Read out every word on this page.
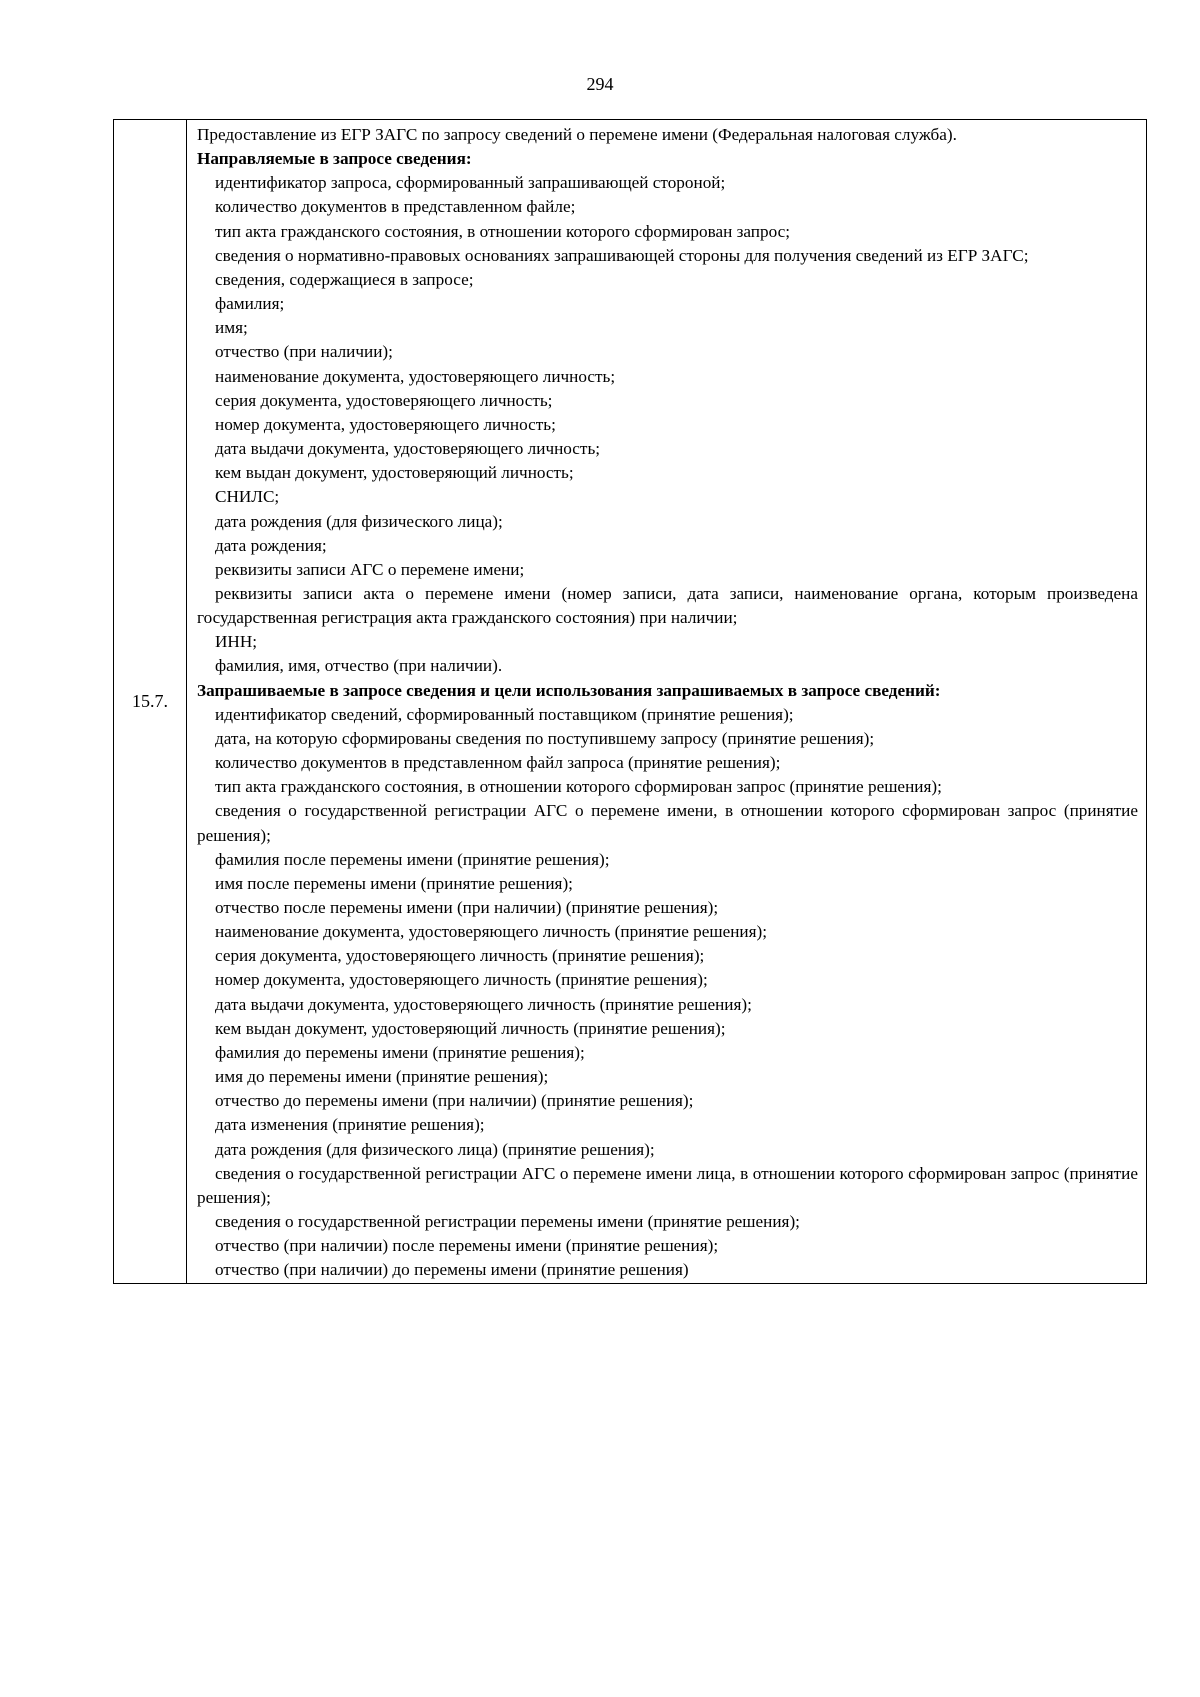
294
15.7.	

Предоставление из ЕГР ЗАГС по запросу сведений о перемене имени (Федеральная налоговая служба).

Направляемые в запросе сведения:

идентификатор запроса, сформированный запрашивающей стороной;

количество документов в представленном файле;

тип акта гражданского состояния, в отношении которого сформирован запрос;

сведения о нормативно-правовых основаниях запрашивающей стороны для получения сведений из ЕГР ЗАГС;

сведения, содержащиеся в запросе;

фамилия;

имя;

отчество (при наличии);

наименование документа, удостоверяющего личность;

серия документа, удостоверяющего личность;

номер документа, удостоверяющего личность;

дата выдачи документа, удостоверяющего личность;

кем выдан документ, удостоверяющий личность;

СНИЛС;

дата рождения (для физического лица);

дата рождения;

реквизиты записи АГС о перемене имени;

реквизиты записи акта о перемене имени (номер записи, дата записи, наименование органа, которым произведена государственная регистрация акта гражданского состояния) при наличии;

ИНН;

фамилия, имя, отчество (при наличии).

Запрашиваемые в запросе сведения и цели использования запрашиваемых в запросе сведений:

идентификатор сведений, сформированный поставщиком (принятие решения);

дата, на которую сформированы сведения по поступившему запросу (принятие решения);

количество документов в представленном файл запроса (принятие решения);

тип акта гражданского состояния, в отношении которого сформирован запрос (принятие решения);

сведения о государственной регистрации АГС о перемене имени, в отношении которого сформирован запрос (принятие решения);

фамилия после перемены имени (принятие решения);

имя после перемены имени (принятие решения);

отчество после перемены имени (при наличии) (принятие решения);

наименование документа, удостоверяющего личность (принятие решения);

серия документа, удостоверяющего личность (принятие решения);

номер документа, удостоверяющего личность (принятие решения);

дата выдачи документа, удостоверяющего личность (принятие решения);

кем выдан документ, удостоверяющий личность (принятие решения);

фамилия до перемены имени (принятие решения);

имя до перемены имени (принятие решения);

отчество до перемены имени (при наличии) (принятие решения);

дата изменения (принятие решения);

дата рождения (для физического лица) (принятие решения);

сведения о государственной регистрации АГС о перемене имени лица, в отношении которого сформирован запрос (принятие решения);

сведения о государственной регистрации перемены имени (принятие решения);

отчество (при наличии) после перемены имени (принятие решения);

отчество (при наличии) до перемены имени (принятие решения)
